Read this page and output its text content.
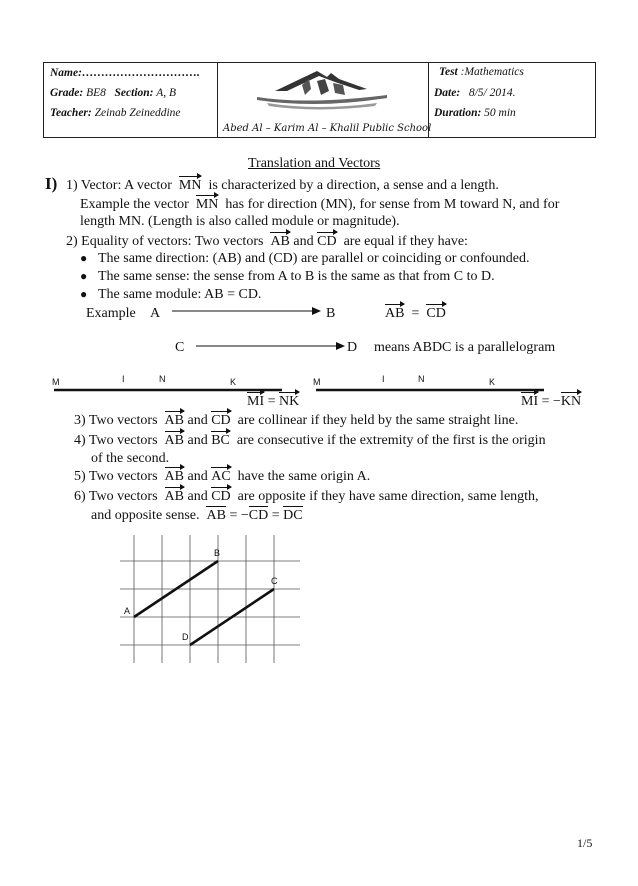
Name:………………………….
Grade: BE8 Section: A, B
Teacher: Zeinab Zeineddine
Abed Al – Karim Al – Khalil Public School
Test :Mathematics
Date: 8/5/ 2014.
Duration: 50 min
Translation and Vectors
I) 1) Vector: A vector MN is characterized by a direction, a sense and a length.
Example the vector MN has for direction (MN), for sense from M toward N, and for
length MN. (Length is also called module or magnitude).
2) Equality of vectors: Two vectors AB and CD are equal if they have:
● The same direction: (AB) and (CD) are parallel or coinciding or confounded.
● The same sense: the sense from A to B is the same as that from C to D.
● The same module: AB = CD.
Example A	B	AB = CD
C	D means ABDC is a parallelogram
M	I	N	K	M	I	N	K
MI = NK	MI = −KN
3) Two vectors AB and CD are collinear if they held by the same straight line.
4) Two vectors AB and BC are consecutive if the extremity of the first is the origin
of the second.
5) Two vectors AB and AC have the same origin A.
6) Two vectors AB and CD are opposite if they have same direction, same length,
and opposite sense. AB = −CD = DC
A
B
C
D
1/5
